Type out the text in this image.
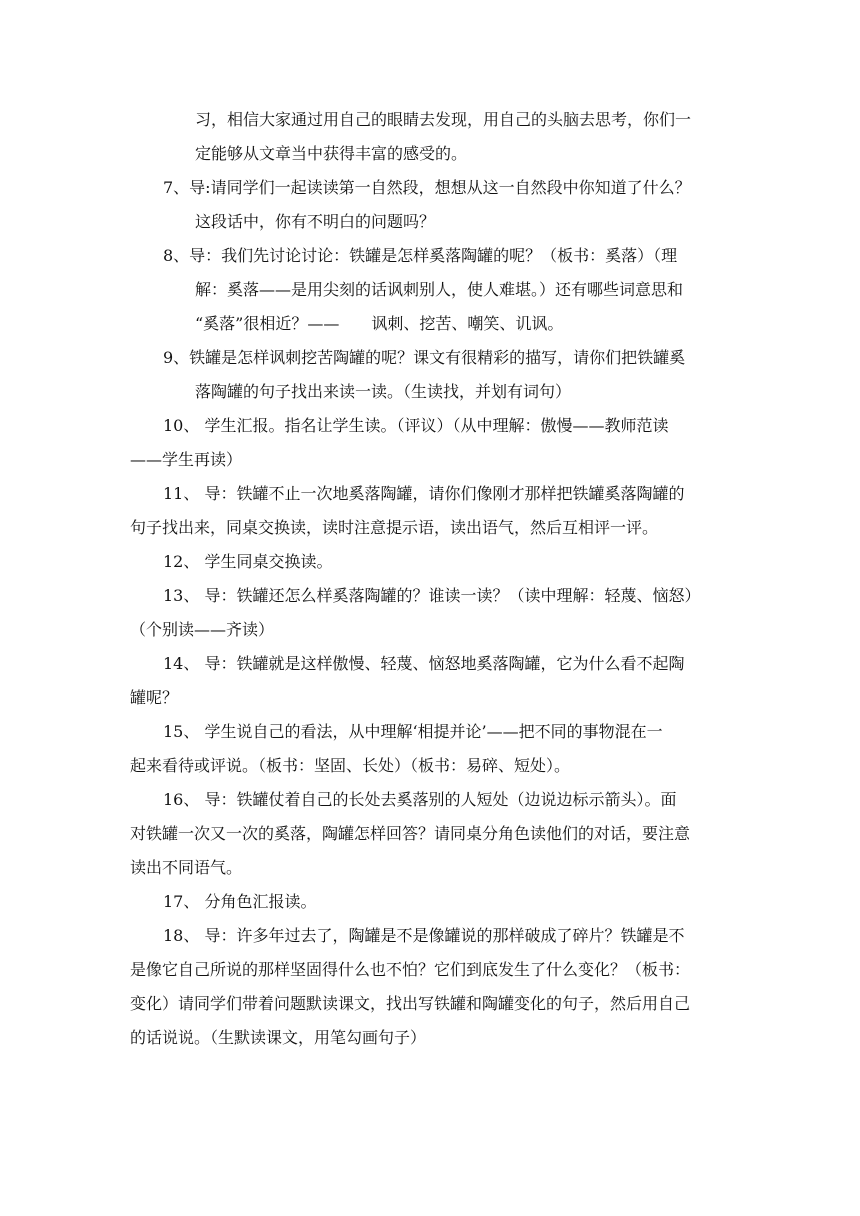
习，相信大家通过用自己的眼睛去发现，用自己的头脑去思考，你们一
定能够从文章当中获得丰富的感受的。
7、导:请同学们一起读读第一自然段，想想从这一自然段中你知道了什么？
这段话中，你有不明白的问题吗？
8、导：我们先讨论讨论：铁罐是怎样奚落陶罐的呢？（板书：奚落）（理
解：奚落——是用尖刻的话讽刺别人，使人难堪。）还有哪些词意思和
“奚落”很相近？——　　讽刺、挖苦、嘲笑、讥讽。
9、铁罐是怎样讽刺挖苦陶罐的呢？课文有很精彩的描写，请你们把铁罐奚
落陶罐的句子找出来读一读。（生读找，并划有词句）
10、 学生汇报。指名让学生读。（评议）（从中理解：傲慢——教师范读
——学生再读）
11、 导：铁罐不止一次地奚落陶罐，请你们像刚才那样把铁罐奚落陶罐的
句子找出来，同桌交换读，读时注意提示语，读出语气，然后互相评一评。
12、 学生同桌交换读。
13、 导：铁罐还怎么样奚落陶罐的？谁读一读？（读中理解：轻蔑、恼怒）
（个别读——齐读）
14、 导：铁罐就是这样傲慢、轻蔑、恼怒地奚落陶罐，它为什么看不起陶
罐呢？
15、 学生说自己的看法，从中理解‘相提并论’——把不同的事物混在一
起来看待或评说。（板书：坚固、长处）（板书：易碎、短处）。
16、 导：铁罐仗着自己的长处去奚落别的人短处（边说边标示箭头）。面
对铁罐一次又一次的奚落，陶罐怎样回答？请同桌分角色读他们的对话，要注意
读出不同语气。
17、 分角色汇报读。
18、 导：许多年过去了，陶罐是不是像罐说的那样破成了碎片？铁罐是不
是像它自己所说的那样坚固得什么也不怕？它们到底发生了什么变化？（板书：
变化）请同学们带着问题默读课文，找出写铁罐和陶罐变化的句子，然后用自己
的话说说。（生默读课文，用笔勾画句子）
